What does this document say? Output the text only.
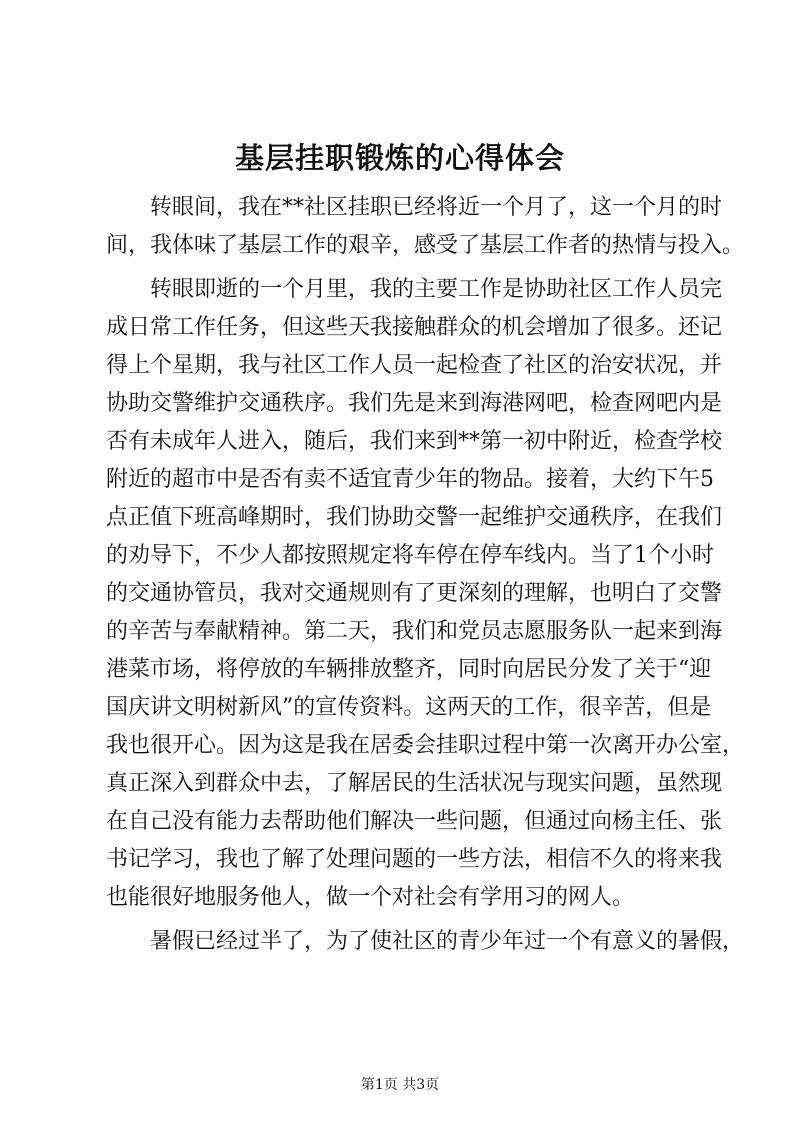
基层挂职锻炼的心得体会
转眼间，我在**社区挂职已经将近一个月了，这一个月的时
间，我体味了基层工作的艰辛，感受了基层工作者的热情与投入。
转眼即逝的一个月里，我的主要工作是协助社区工作人员完
成日常工作任务，但这些天我接触群众的机会增加了很多。还记
得上个星期，我与社区工作人员一起检查了社区的治安状况，并
协助交警维护交通秩序。我们先是来到海港网吧，检查网吧内是
否有未成年人进入，随后，我们来到**第一初中附近，检查学校
附近的超市中是否有卖不适宜青少年的物品。接着，大约下午5
点正值下班高峰期时，我们协助交警一起维护交通秩序，在我们
的劝导下，不少人都按照规定将车停在停车线内。当了1个小时
的交通协管员，我对交通规则有了更深刻的理解，也明白了交警
的辛苦与奉献精神。第二天，我们和党员志愿服务队一起来到海
港菜市场，将停放的车辆排放整齐，同时向居民分发了关于“迎
国庆讲文明树新风”的宣传资料。这两天的工作，很辛苦，但是
我也很开心。因为这是我在居委会挂职过程中第一次离开办公室，
真正深入到群众中去，了解居民的生活状况与现实问题，虽然现
在自己没有能力去帮助他们解决一些问题，但通过向杨主任、张
书记学习，我也了解了处理问题的一些方法，相信不久的将来我
也能很好地服务他人，做一个对社会有学用习的网人。
暑假已经过半了，为了使社区的青少年过一个有意义的暑假，
第1页 共3页
